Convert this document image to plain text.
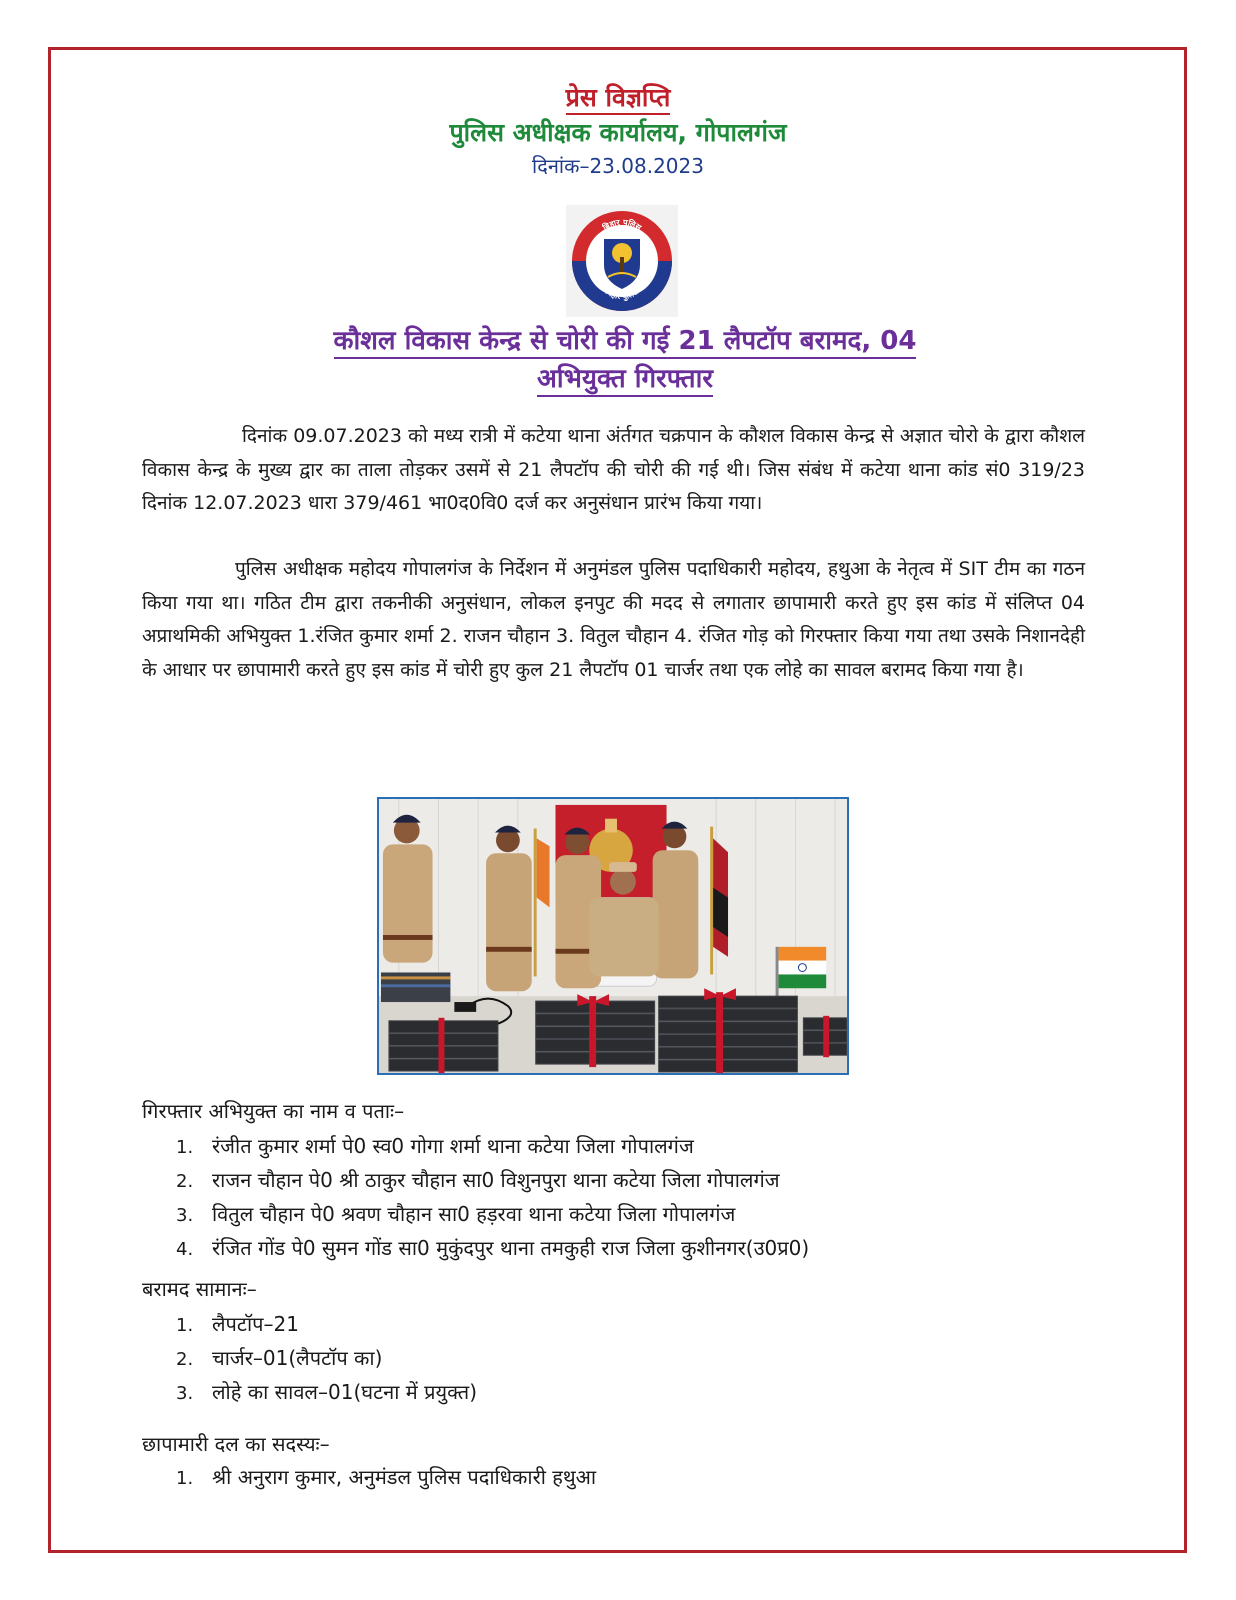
प्रेस विज्ञप्ति
पुलिस अधीक्षक कार्यालय, गोपालगंज
दिनांक–23.08.2023
बिहार पुलिस
बिहार पुलिस
कौशल विकास केन्द्र से चोरी की गई 21 लैपटॉप बरामद, 04
अभियुक्त गिरफ्तार

दिनांक 09.07.2023 को मध्य रात्री में कटेया थाना अंर्तगत चक्रपान के कौशल विकास केन्द्र से अज्ञात चोरो के द्वारा कौशल विकास केन्द्र के मुख्य द्वार का ताला तोड़कर उसमें से 21 लैपटॉप की चोरी की गई थी। जिस संबंध में कटेया थाना कांड सं0 319/23 दिनांक 12.07.2023 धारा 379/461 भा0द0वि0 दर्ज कर अनुसंधान प्रारंभ किया गया।

पुलिस अधीक्षक महोदय गोपालगंज के निर्देशन में अनुमंडल पुलिस पदाधिकारी महोदय, हथुआ के नेतृत्व में SIT टीम का गठन किया गया था। गठित टीम द्वारा तकनीकी अनुसंधान, लोकल इनपुट की मदद से लगातार छापामारी करते हुए इस कांड में संलिप्त 04 अप्राथमिकी अभियुक्त 1.रंजित कुमार शर्मा 2. राजन चौहान 3. वितुल चौहान 4. रंजित गोड़ को गिरफ्तार किया गया तथा उसके निशानदेही के आधार पर छापामारी करते हुए इस कांड में चोरी हुए कुल 21 लैपटॉप 01 चार्जर तथा एक लोहे का सावल बरामद किया गया है।

गिरफ्तार अभियुक्त का नाम व पताः–
1. रंजीत कुमार शर्मा पे0 स्व0 गोगा शर्मा थाना कटेया जिला गोपालगंज
2. राजन चौहान पे0 श्री ठाकुर चौहान सा0 विशुनपुरा थाना कटेया जिला गोपालगंज
3. वितुल चौहान पे0 श्रवण चौहान सा0 हड़रवा थाना कटेया जिला गोपालगंज
4. रंजित गोंड पे0 सुमन गोंड सा0 मुकुंदपुर थाना तमकुही राज जिला कुशीनगर(उ0प्र0)
बरामद सामानः–
1. लैपटॉप–21
2. चार्जर–01(लैपटॉप का)
3. लोहे का सावल–01(घटना में प्रयुक्त)
छापामारी दल का सदस्यः–
1. श्री अनुराग कुमार, अनुमंडल पुलिस पदाधिकारी हथुआ
